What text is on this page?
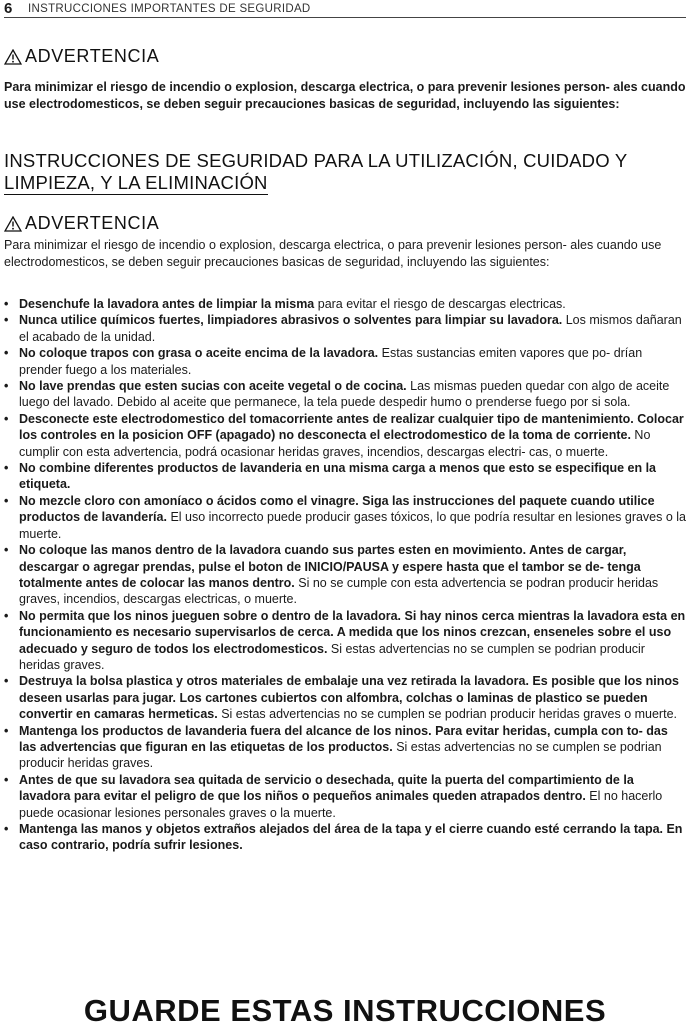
6	INSTRUCCIONES IMPORTANTES DE SEGURIDAD
ADVERTENCIA
Para minimizar el riesgo de incendio o explosion, descarga electrica, o para prevenir lesiones person- ales cuando use electrodomesticos, se deben seguir precauciones basicas de seguridad, incluyendo las siguientes:
INSTRUCCIONES DE SEGURIDAD PARA LA UTILIZACIÓN, CUIDADO Y
LIMPIEZA, Y LA ELIMINACIÓN
ADVERTENCIA
Para minimizar el riesgo de incendio o explosion, descarga electrica, o para prevenir lesiones person- ales cuando use electrodomesticos, se deben seguir precauciones basicas de seguridad, incluyendo las siguientes:
• Desenchufe la lavadora antes de limpiar la misma para evitar el riesgo de descargas electricas.
• Nunca utilice químicos fuertes, limpiadores abrasivos o solventes para limpiar su lavadora. Los mismos dañaran el acabado de la unidad.
• No coloque trapos con grasa o aceite encima de la lavadora. Estas sustancias emiten vapores que po- drían prender fuego a los materiales.
• No lave prendas que esten sucias con aceite vegetal o de cocina. Las mismas pueden quedar con algo de aceite luego del lavado. Debido al aceite que permanece, la tela puede despedir humo o prenderse fuego por si sola.
• Desconecte este electrodomestico del tomacorriente antes de realizar cualquier tipo de mantenimiento. Colocar los controles en la posicion OFF (apagado) no desconecta el electrodomestico de la toma de corriente. No cumplir con esta advertencia, podrá ocasionar heridas graves, incendios, descargas electri- cas, o muerte.
• No combine diferentes productos de lavanderia en una misma carga a menos que esto se especifique en la etiqueta.
• No mezcle cloro con amoníaco o ácidos como el vinagre. Siga las instrucciones del paquete cuando utilice productos de lavandería. El uso incorrecto puede producir gases tóxicos, lo que podría resultar en lesiones graves o la muerte.
• No coloque las manos dentro de la lavadora cuando sus partes esten en movimiento. Antes de cargar, descargar o agregar prendas, pulse el boton de INICIO/PAUSA y espere hasta que el tambor se de- tenga totalmente antes de colocar las manos dentro. Si no se cumple con esta advertencia se podran producir heridas graves, incendios, descargas electricas, o muerte.
• No permita que los ninos jueguen sobre o dentro de la lavadora. Si hay ninos cerca mientras la lavadora esta en funcionamiento es necesario supervisarlos de cerca. A medida que los ninos crezcan, enseneles sobre el uso adecuado y seguro de todos los electrodomesticos. Si estas advertencias no se cumplen se podrian producir heridas graves.
• Destruya la bolsa plastica y otros materiales de embalaje una vez retirada la lavadora. Es posible que los ninos deseen usarlas para jugar. Los cartones cubiertos con alfombra, colchas o laminas de plastico se pueden convertir en camaras hermeticas. Si estas advertencias no se cumplen se podrian producir heridas graves o muerte.
• Mantenga los productos de lavanderia fuera del alcance de los ninos. Para evitar heridas, cumpla con to- das las advertencias que figuran en las etiquetas de los productos. Si estas advertencias no se cumplen se podrian producir heridas graves.
• Antes de que su lavadora sea quitada de servicio o desechada, quite la puerta del compartimiento de la lavadora para evitar el peligro de que los niños o pequeños animales queden atrapados dentro. El no hacerlo puede ocasionar lesiones personales graves o la muerte.
• Mantenga las manos y objetos extraños alejados del área de la tapa y el cierre cuando esté cerrando la tapa. En caso contrario, podría sufrir lesiones.
GUARDE ESTAS INSTRUCCIONES
